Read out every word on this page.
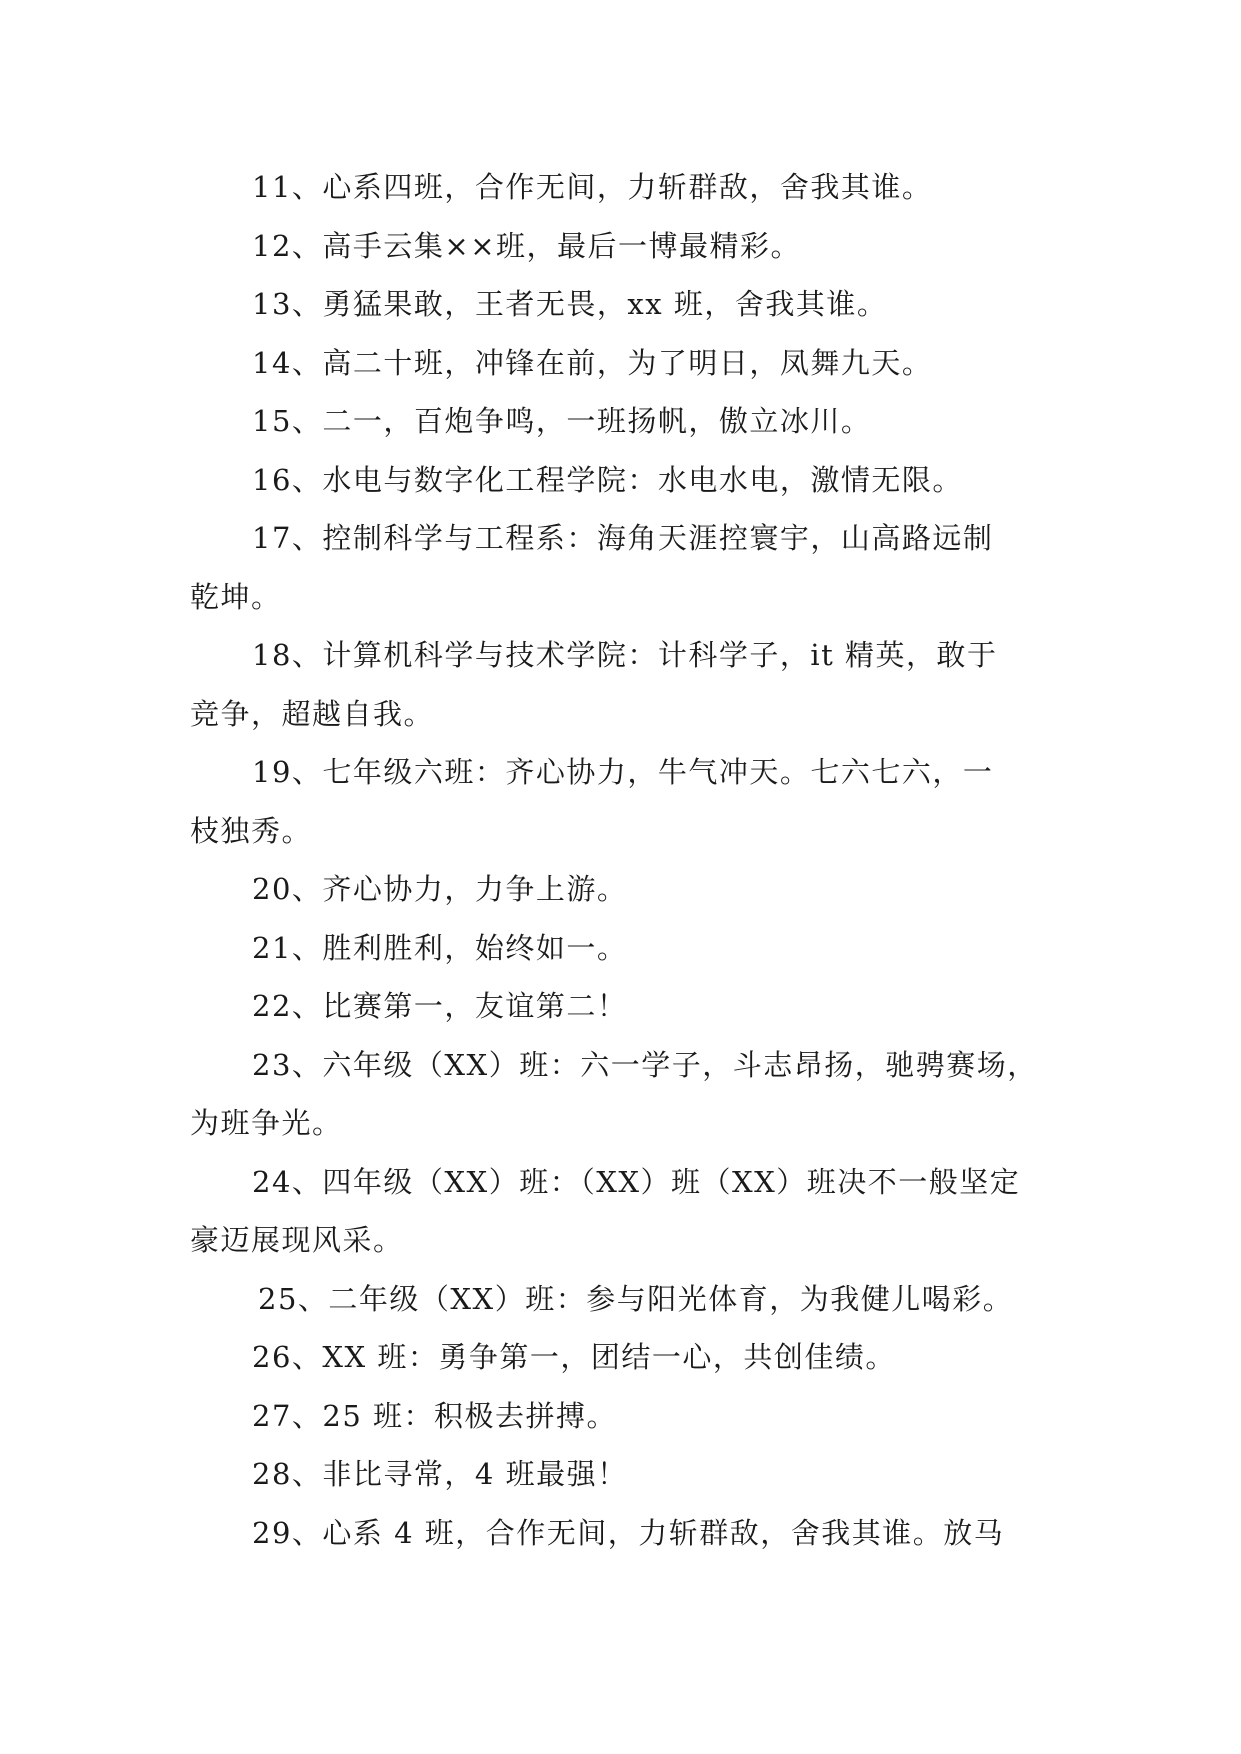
11、心系四班，合作无间，力斩群敌，舍我其谁。

12、高手云集××班，最后一博最精彩。

13、勇猛果敢，王者无畏，xx 班，舍我其谁。

14、高二十班，冲锋在前，为了明日，凤舞九天。

15、二一，百炮争鸣，一班扬帆，傲立冰川。

16、水电与数字化工程学院：水电水电，激情无限。

17、控制科学与工程系：海角天涯控寰宇，山高路远制

乾坤。

18、计算机科学与技术学院：计科学子，it 精英，敢于

竞争，超越自我。

19、七年级六班：齐心协力，牛气冲天。七六七六，一

枝独秀。

20、齐心协力，力争上游。

21、胜利胜利，始终如一。

22、比赛第一，友谊第二！

23、六年级（XX）班：六一学子，斗志昂扬，驰骋赛场，

为班争光。

24、四年级（XX）班：（XX）班（XX）班决不一般坚定

豪迈展现风采。

25、二年级（XX）班：参与阳光体育，为我健儿喝彩。

26、XX 班：勇争第一，团结一心，共创佳绩。

27、25 班：积极去拼搏。

28、非比寻常，4 班最强！

29、心系 4 班，合作无间，力斩群敌，舍我其谁。放马
